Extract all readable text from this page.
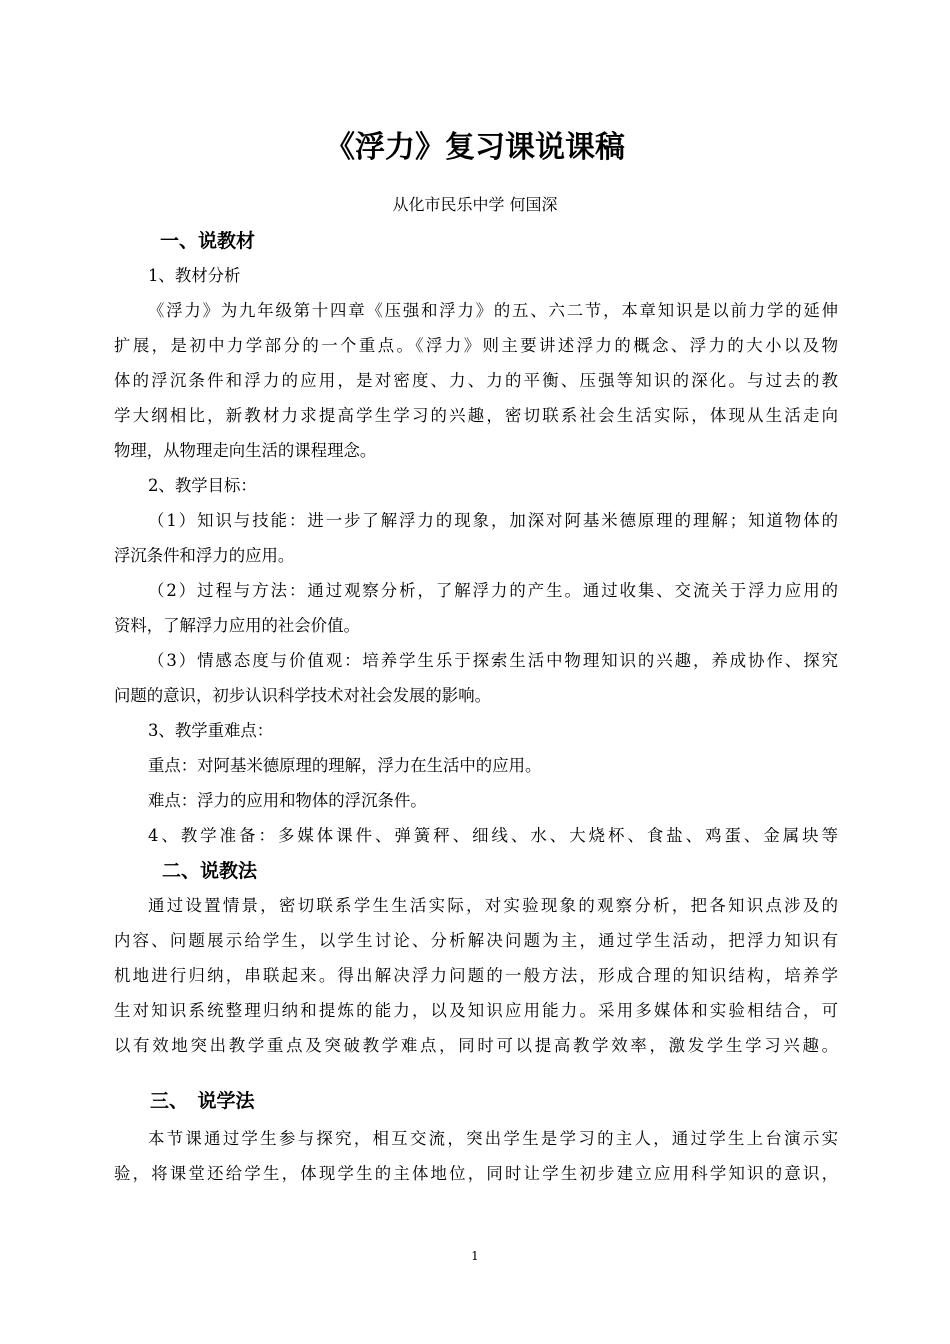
《浮力》复习课说课稿
从化市民乐中学 何国深
一、说教材
1、教材分析
《浮力》为九年级第十四章《压强和浮力》的五、六二节，本章知识是以前力学的延伸
扩展，是初中力学部分的一个重点。《浮力》则主要讲述浮力的概念、浮力的大小以及物
体的浮沉条件和浮力的应用，是对密度、力、力的平衡、压强等知识的深化。与过去的教
学大纲相比，新教材力求提高学生学习的兴趣，密切联系社会生活实际，体现从生活走向
物理，从物理走向生活的课程理念。
2、教学目标：
（1）知识与技能：进一步了解浮力的现象，加深对阿基米德原理的理解；知道物体的
浮沉条件和浮力的应用。
（2）过程与方法：通过观察分析，了解浮力的产生。通过收集、交流关于浮力应用的
资料，了解浮力应用的社会价值。
（3）情感态度与价值观：培养学生乐于探索生活中物理知识的兴趣，养成协作、探究
问题的意识，初步认识科学技术对社会发展的影响。
3、教学重难点：
重点：对阿基米德原理的理解，浮力在生活中的应用。
难点：浮力的应用和物体的浮沉条件。
4、教学准备：多媒体课件、弹簧秤、细线、水、大烧杯、食盐、鸡蛋、金属块等
二、说教法
通过设置情景，密切联系学生生活实际，对实验现象的观察分析，把各知识点涉及的
内容、问题展示给学生，以学生讨论、分析解决问题为主，通过学生活动，把浮力知识有
机地进行归纳，串联起来。得出解决浮力问题的一般方法，形成合理的知识结构，培养学
生对知识系统整理归纳和提炼的能力，以及知识应用能力。采用多媒体和实验相结合，可
以有效地突出教学重点及突破教学难点，同时可以提高教学效率，激发学生学习兴趣。
三、　说学法
本节课通过学生参与探究，相互交流，突出学生是学习的主人，通过学生上台演示实
验，将课堂还给学生，体现学生的主体地位，同时让学生初步建立应用科学知识的意识，
1
